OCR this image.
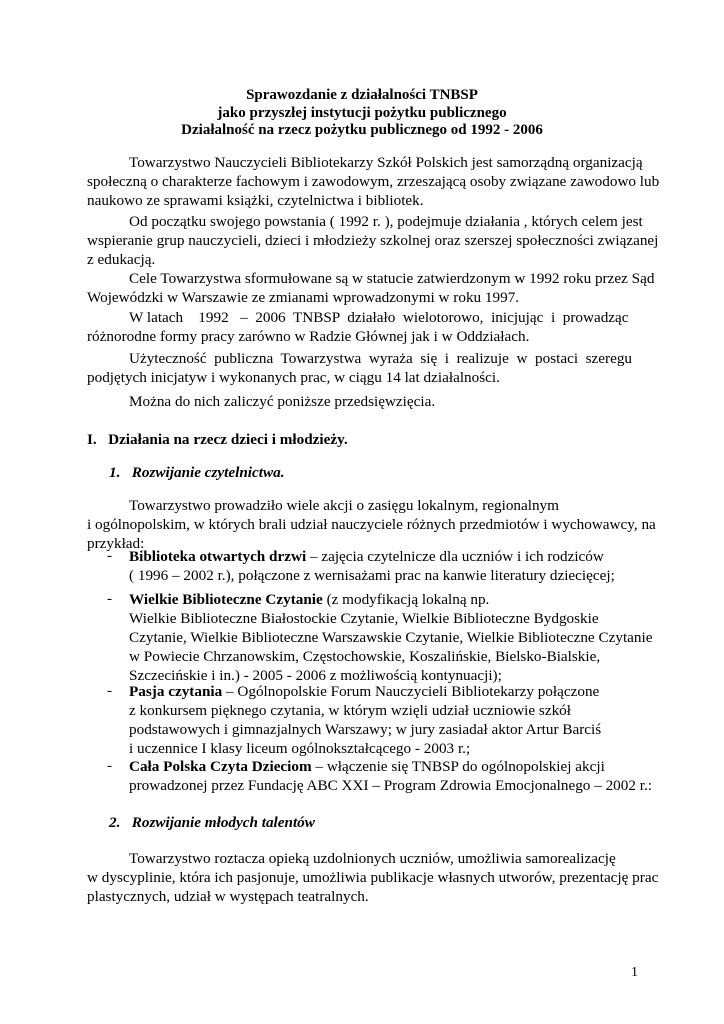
Sprawozdanie z działalności TNBSP
jako przyszłej instytucji pożytku publicznego
Działalność na rzecz pożytku publicznego od 1992 - 2006
Towarzystwo Nauczycieli Bibliotekarzy Szkół Polskich jest samorządną organizacją
społeczną o charakterze fachowym i zawodowym, zrzeszającą osoby związane zawodowo lub
naukowo ze sprawami książki, czytelnictwa i bibliotek.
Od początku swojego powstania ( 1992 r. ), podejmuje działania , których celem jest
wspieranie grup nauczycieli, dzieci i młodzieży szkolnej oraz szerszej społeczności związanej
z edukacją.
Cele Towarzystwa sformułowane są w statucie zatwierdzonym w 1992 roku przez Sąd
Wojewódzki w Warszawie ze zmianami wprowadzonymi w roku 1997.
W latach    1992   –  2006  TNBSP  działało  wielotorowo,  inicjując  i  prowadząc
różnorodne formy pracy zarówno w Radzie Głównej jak i w Oddziałach.
Użyteczność  publiczna  Towarzystwa  wyraża  się  i  realizuje  w  postaci  szeregu
podjętych inicjatyw i wykonanych prac, w ciągu 14 lat działalności.
Można do nich zaliczyć poniższe przedsięwzięcia.
I.   Działania na rzecz dzieci i młodzieży.
1.   Rozwijanie czytelnictwa.
Towarzystwo prowadziło wiele akcji o zasięgu lokalnym, regionalnym
i ogólnopolskim, w których brali udział nauczyciele różnych przedmiotów i wychowawcy, na
przykład:
- Biblioteka otwartych drzwi – zajęcia czytelnicze dla uczniów i ich rodziców
( 1996 – 2002 r.), połączone z wernisażami prac na kanwie literatury dziecięcej;
- Wielkie Biblioteczne Czytanie (z modyfikacją lokalną np.
Wielkie Biblioteczne Białostockie Czytanie, Wielkie Biblioteczne Bydgoskie
Czytanie, Wielkie Biblioteczne Warszawskie Czytanie, Wielkie Biblioteczne Czytanie
w Powiecie Chrzanowskim, Częstochowskie, Koszalińskie, Bielsko-Bialskie,
Szczecińskie i in.) - 2005 - 2006 z możliwością kontynuacji);
- Pasja czytania – Ogólnopolskie Forum Nauczycieli Bibliotekarzy połączone
z konkursem pięknego czytania, w którym wzięli udział uczniowie szkół
podstawowych i gimnazjalnych Warszawy; w jury zasiadał aktor Artur Barciś
i uczennice I klasy liceum ogólnokształcącego - 2003 r.;
- Cała Polska Czyta Dzieciom – włączenie się TNBSP do ogólnopolskiej akcji
prowadzonej przez Fundację ABC XXI – Program Zdrowia Emocjonalnego – 2002 r.:
2.   Rozwijanie młodych talentów
Towarzystwo roztacza opieką uzdolnionych uczniów, umożliwia samorealizację
w dyscyplinie, która ich pasjonuje, umożliwia publikacje własnych utworów, prezentację prac
plastycznych, udział w występach teatralnych.
1
